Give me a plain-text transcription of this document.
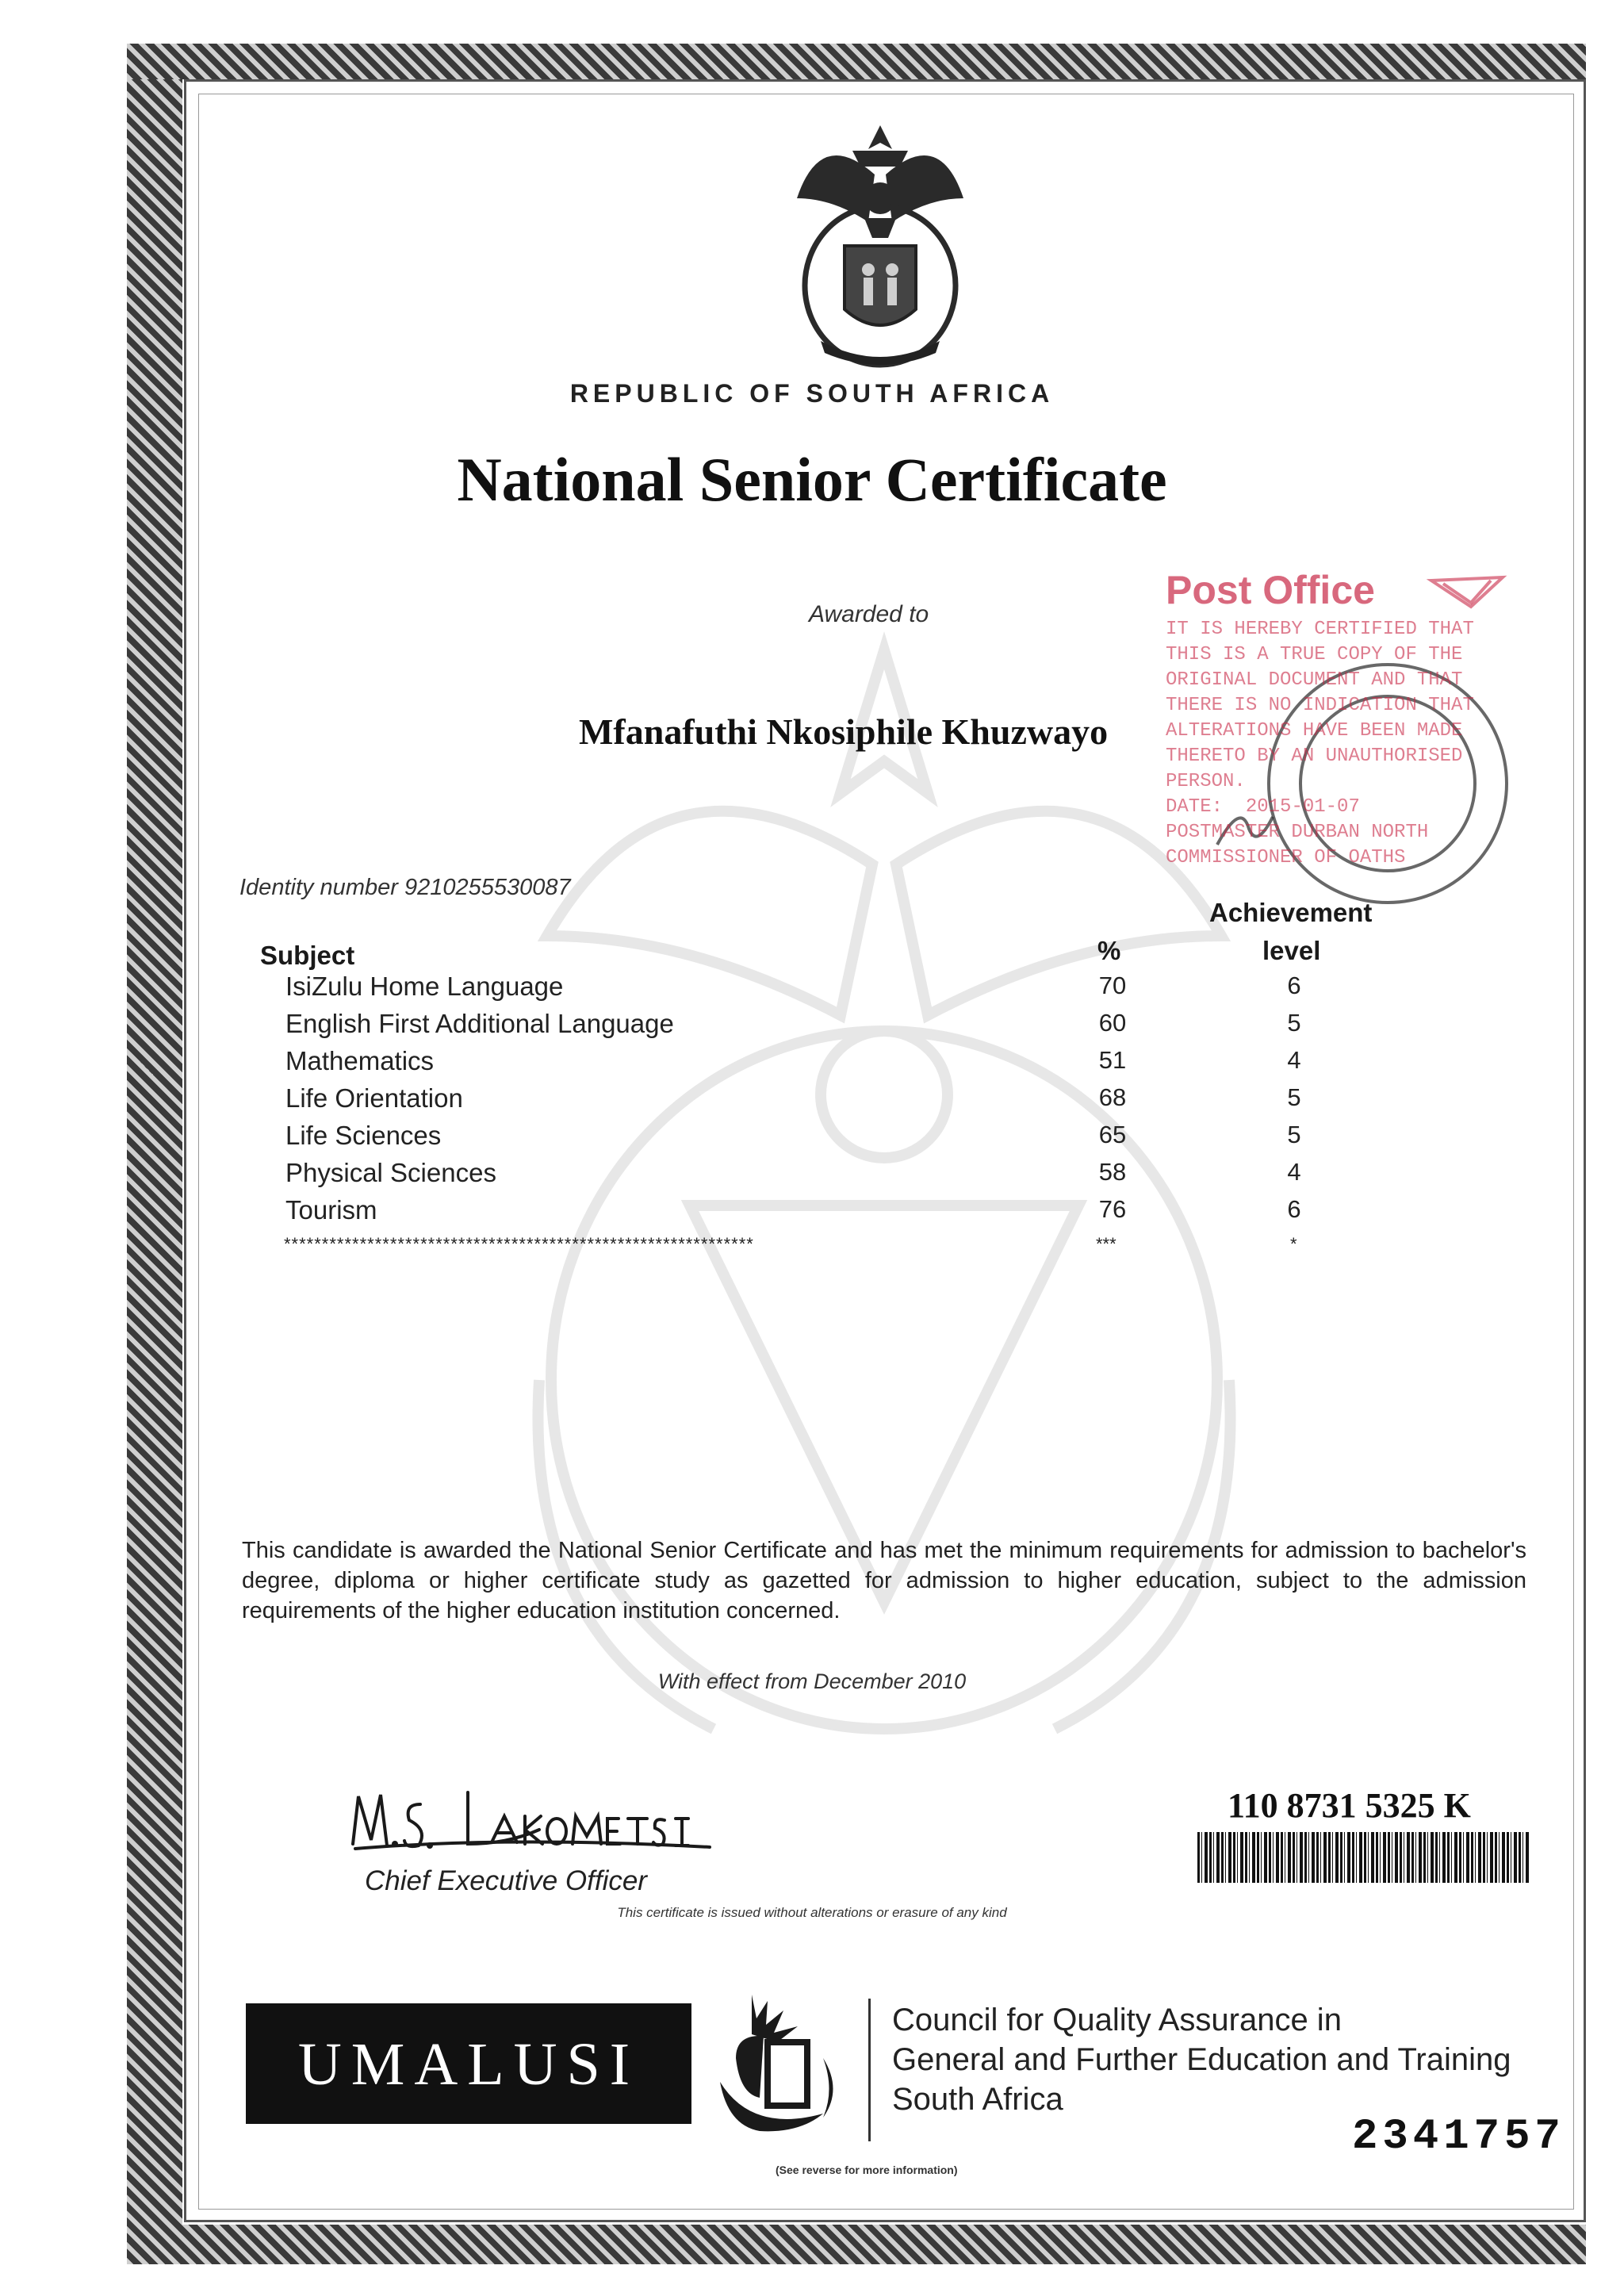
REPUBLIC OF SOUTH AFRICA
National Senior Certificate
Awarded to
Mfanafuthi Nkosiphile Khuzwayo
Identity number 9210255530087
Subject	%
Achievement
level
IsiZulu Home Language	70	6
English First Additional Language	60	5
Mathematics	51	4
Life Orientation	68	5
Life Sciences	65	5
Physical Sciences	58	4
Tourism	76	6
**************************************************************	***	*
This candidate is awarded the National Senior Certificate and has met the minimum requirements for admission to bachelor's degree, diploma or higher certificate study as gazetted for admission to higher education, subject to the admission requirements of the higher education institution concerned.
With effect from December 2010
Chief Executive Officer
This certificate is issued without alterations or erasure of any kind
110 8731 5325 K
UMALUSI
Council for Quality Assurance in
General and Further Education and Training
South Africa
(See reverse for more information)
2341757
Post Office
IT IS HEREBY CERTIFIED THAT
THIS IS A TRUE COPY OF THE
ORIGINAL DOCUMENT AND THAT
THERE IS NO INDICATION THAT
ALTERATIONS HAVE BEEN MADE
THERETO BY AN UNAUTHORISED
PERSON.
DATE: 2015-01-07
POSTMASTER DURBAN NORTH
COMMISSIONER OF OATHS
